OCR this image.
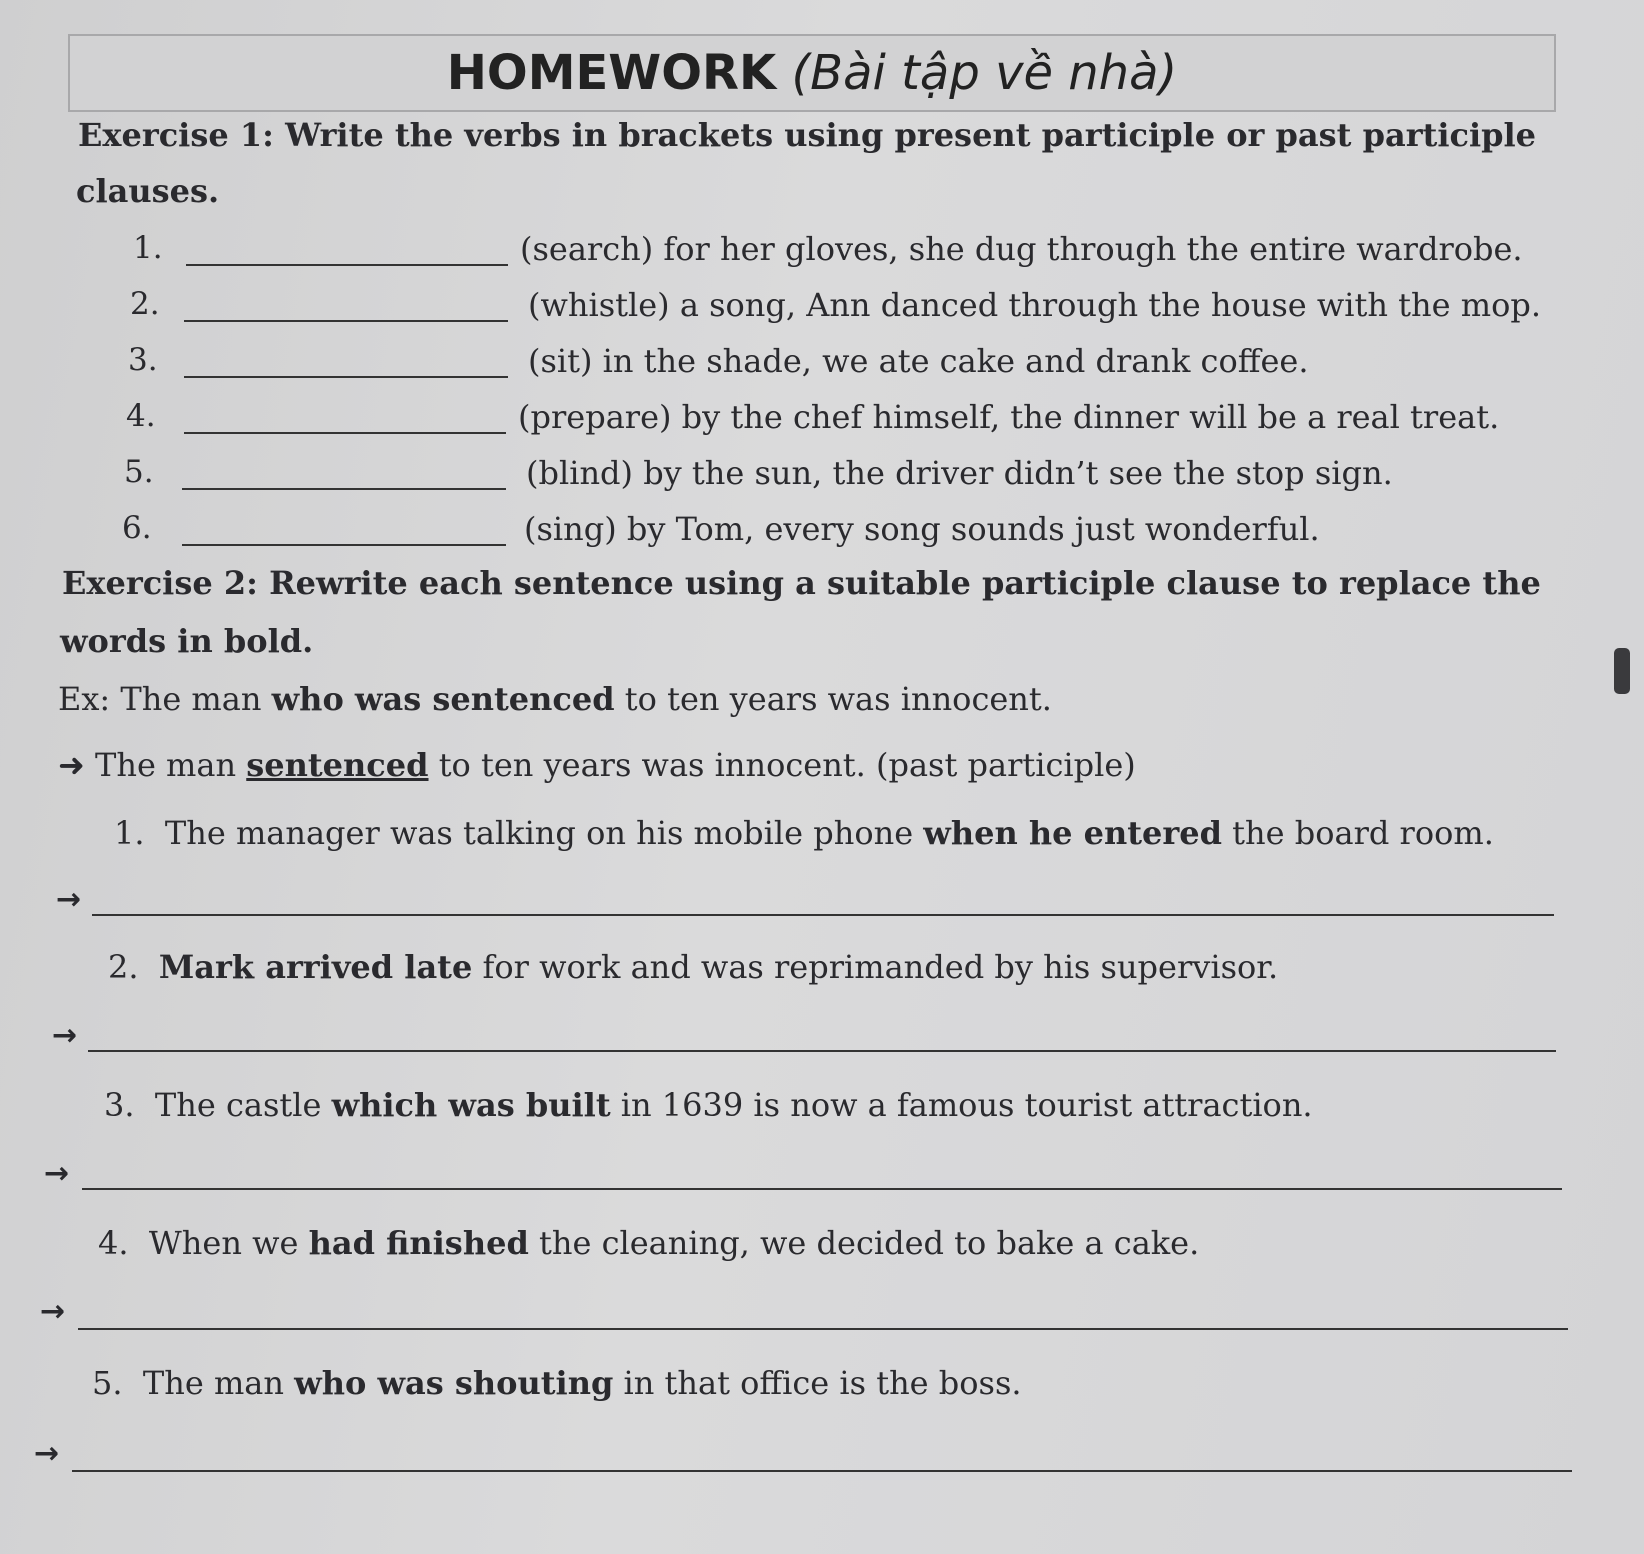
HOMEWORK (Bài tập về nhà)

Exercise 1: Write the verbs in brackets using present participle or past participle

clauses.

1.	(search) for her gloves, she dug through the entire wardrobe.
2.	(whistle) a song, Ann danced through the house with the mop.
3.	(sit) in the shade, we ate cake and drank coffee.
4.	(prepare) by the chef himself, the dinner will be a real treat.
5.	(blind) by the sun, the driver didn’t see the stop sign.
6.	(sing) by Tom, every song sounds just wonderful.

Exercise 2: Rewrite each sentence using a suitable participle clause to replace the

words in bold.

Ex: The man who was sentenced to ten years was innocent.
➜ The man sentenced to ten years was innocent. (past participle)
1. The manager was talking on his mobile phone when he entered the board room.
→
2. Mark arrived late for work and was reprimanded by his supervisor.
→
3. The castle which was built in 1639 is now a famous tourist attraction.
→
4. When we had finished the cleaning, we decided to bake a cake.
→
5. The man who was shouting in that office is the boss.
→
